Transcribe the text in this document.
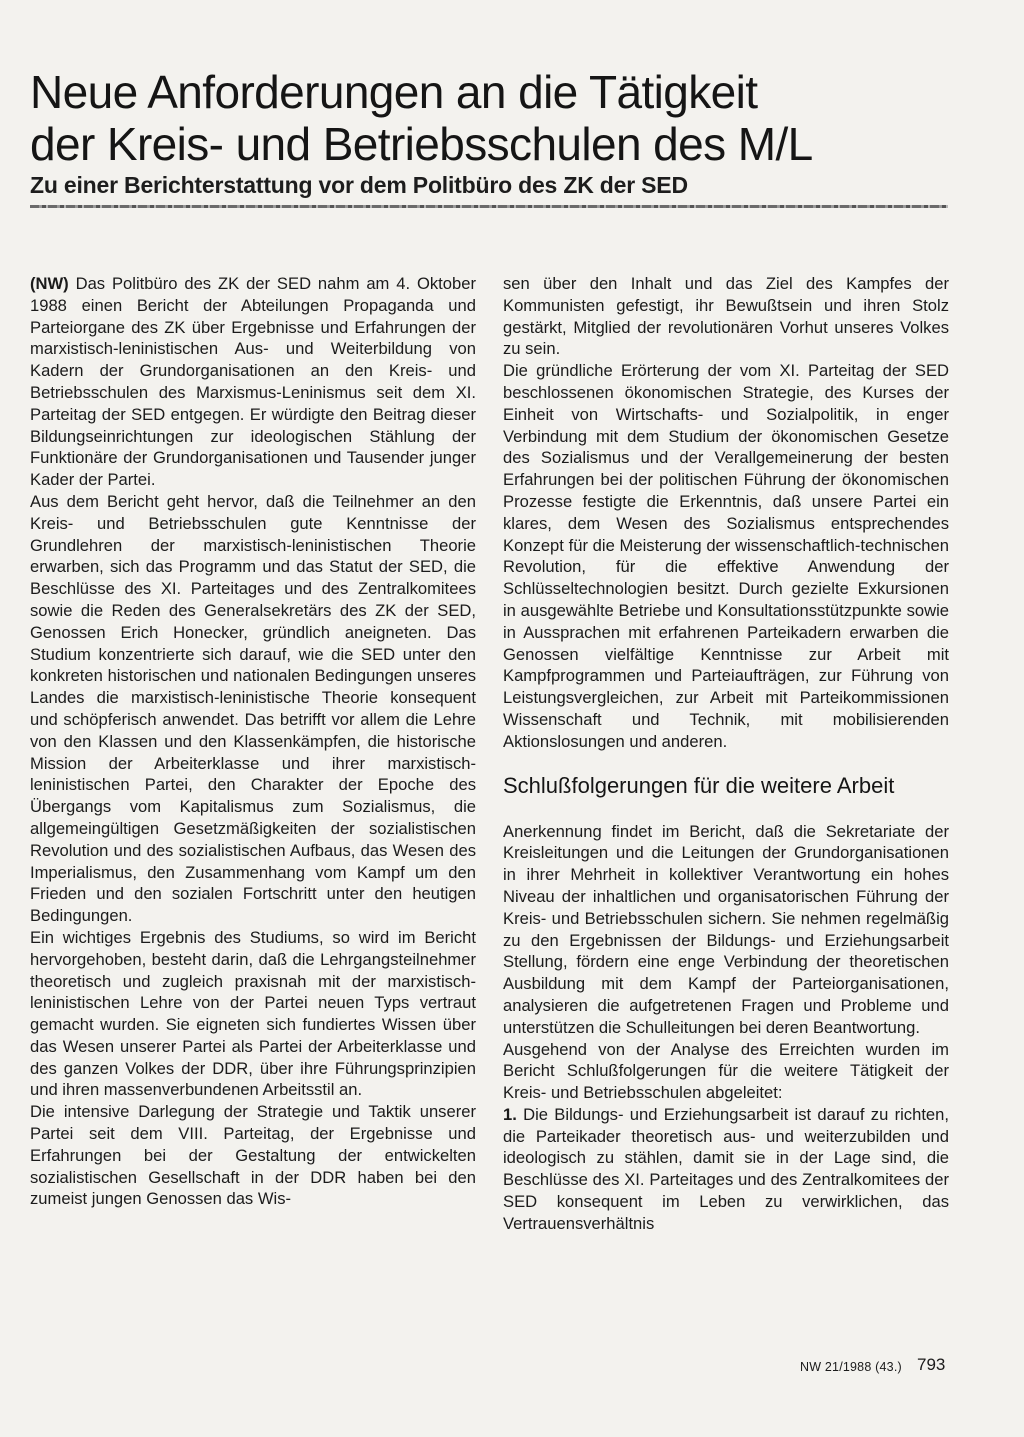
Neue Anforderungen an die Tätigkeit
der Kreis- und Betriebsschulen des M/L
Zu einer Berichterstattung vor dem Politbüro des ZK der SED

(NW) Das Politbüro des ZK der SED nahm am 4. Oktober 1988 einen Bericht der Abteilungen Propaganda und Parteiorgane des ZK über Ergebnisse und Erfahrungen der marxistisch-leninistischen Aus- und Weiterbildung von Kadern der Grundorganisationen an den Kreis- und Betriebsschulen des Marxismus-Leninismus seit dem XI. Parteitag der SED entgegen. Er würdigte den Beitrag dieser Bildungseinrichtungen zur ideologischen Stählung der Funktionäre der Grundorganisationen und Tausender junger Kader der Partei.

Aus dem Bericht geht hervor, daß die Teilnehmer an den Kreis- und Betriebsschulen gute Kenntnisse der Grundlehren der marxistisch-leninistischen Theorie erwarben, sich das Programm und das Statut der SED, die Beschlüsse des XI. Parteitages und des Zentralkomitees sowie die Reden des Generalsekretärs des ZK der SED, Genossen Erich Honecker, gründlich aneigneten. Das Studium konzentrierte sich darauf, wie die SED unter den konkreten historischen und nationalen Bedingungen unseres Landes die marxistisch-leninistische Theorie konsequent und schöpferisch anwendet. Das betrifft vor allem die Lehre von den Klassen und den Klassenkämpfen, die historische Mission der Arbeiterklasse und ihrer marxistisch-leninistischen Partei, den Charakter der Epoche des Übergangs vom Kapitalismus zum Sozialismus, die allgemeingültigen Gesetzmäßigkeiten der sozialistischen Revolution und des sozialistischen Aufbaus, das Wesen des Imperialismus, den Zusammenhang vom Kampf um den Frieden und den sozialen Fortschritt unter den heutigen Bedingungen.

Ein wichtiges Ergebnis des Studiums, so wird im Bericht hervorgehoben, besteht darin, daß die Lehrgangsteilnehmer theoretisch und zugleich praxisnah mit der marxistisch-leninistischen Lehre von der Partei neuen Typs vertraut gemacht wurden. Sie eigneten sich fundiertes Wissen über das Wesen unserer Partei als Partei der Arbeiterklasse und des ganzen Volkes der DDR, über ihre Führungsprinzipien und ihren massenverbundenen Arbeitsstil an.

Die intensive Darlegung der Strategie und Taktik unserer Partei seit dem VIII. Parteitag, der Ergebnisse und Erfahrungen bei der Gestaltung der entwickelten sozialistischen Gesellschaft in der DDR haben bei den zumeist jungen Genossen das Wis-

sen über den Inhalt und das Ziel des Kampfes der Kommunisten gefestigt, ihr Bewußtsein und ihren Stolz gestärkt, Mitglied der revolutionären Vorhut unseres Volkes zu sein.

Die gründliche Erörterung der vom XI. Parteitag der SED beschlossenen ökonomischen Strategie, des Kurses der Einheit von Wirtschafts- und Sozialpolitik, in enger Verbindung mit dem Studium der ökonomischen Gesetze des Sozialismus und der Verallgemeinerung der besten Erfahrungen bei der politischen Führung der ökonomischen Prozesse festigte die Erkenntnis, daß unsere Partei ein klares, dem Wesen des Sozialismus entsprechendes Konzept für die Meisterung der wissenschaftlich-technischen Revolution, für die effektive Anwendung der Schlüsseltechnologien besitzt. Durch gezielte Exkursionen in ausgewählte Betriebe und Konsultationsstützpunkte sowie in Aussprachen mit erfahrenen Parteikadern erwarben die Genossen vielfältige Kenntnisse zur Arbeit mit Kampfprogrammen und Parteiaufträgen, zur Führung von Leistungsvergleichen, zur Arbeit mit Parteikommissionen Wissenschaft und Technik, mit mobilisierenden Aktionslosungen und anderen.

Schlußfolgerungen für die weitere Arbeit

Anerkennung findet im Bericht, daß die Sekretariate der Kreisleitungen und die Leitungen der Grundorganisationen in ihrer Mehrheit in kollektiver Verantwortung ein hohes Niveau der inhaltlichen und organisatorischen Führung der Kreis- und Betriebsschulen sichern. Sie nehmen regelmäßig zu den Ergebnissen der Bildungs- und Erziehungsarbeit Stellung, fördern eine enge Verbindung der theoretischen Ausbildung mit dem Kampf der Parteiorganisationen, analysieren die aufgetretenen Fragen und Probleme und unterstützen die Schulleitungen bei deren Beantwortung.

Ausgehend von der Analyse des Erreichten wurden im Bericht Schlußfolgerungen für die weitere Tätigkeit der Kreis- und Betriebsschulen abgeleitet:

1. Die Bildungs- und Erziehungsarbeit ist darauf zu richten, die Parteikader theoretisch aus- und weiterzubilden und ideologisch zu stählen, damit sie in der Lage sind, die Beschlüsse des XI. Parteitages und des Zentralkomitees der SED konsequent im Leben zu verwirklichen, das Vertrauensverhältnis

NW 21/1988 (43.) 793
